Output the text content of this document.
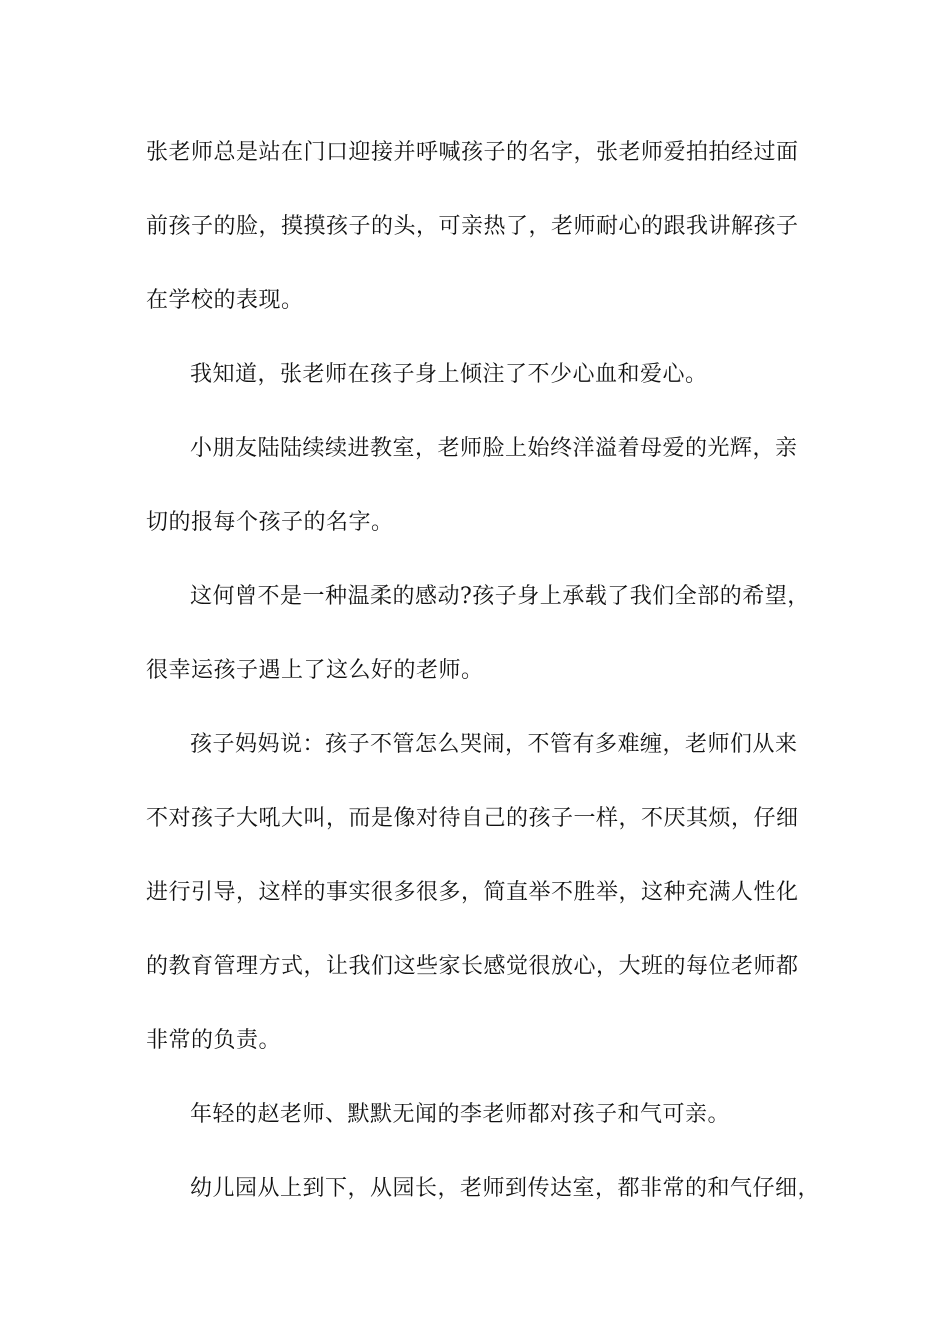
张老师总是站在门口迎接并呼喊孩子的名字，张老师爱拍拍经过面
前孩子的脸，摸摸孩子的头，可亲热了，老师耐心的跟我讲解孩子
在学校的表现。
我知道，张老师在孩子身上倾注了不少心血和爱心。
小朋友陆陆续续进教室，老师脸上始终洋溢着母爱的光辉，亲
切的报每个孩子的名字。
这何曾不是一种温柔的感动?孩子身上承载了我们全部的希望，
很幸运孩子遇上了这么好的老师。
孩子妈妈说：孩子不管怎么哭闹，不管有多难缠，老师们从来
不对孩子大吼大叫，而是像对待自己的孩子一样，不厌其烦，仔细
进行引导，这样的事实很多很多，简直举不胜举，这种充满人性化
的教育管理方式，让我们这些家长感觉很放心，大班的每位老师都
非常的负责。
年轻的赵老师、默默无闻的李老师都对孩子和气可亲。
幼儿园从上到下，从园长，老师到传达室，都非常的和气仔细，
